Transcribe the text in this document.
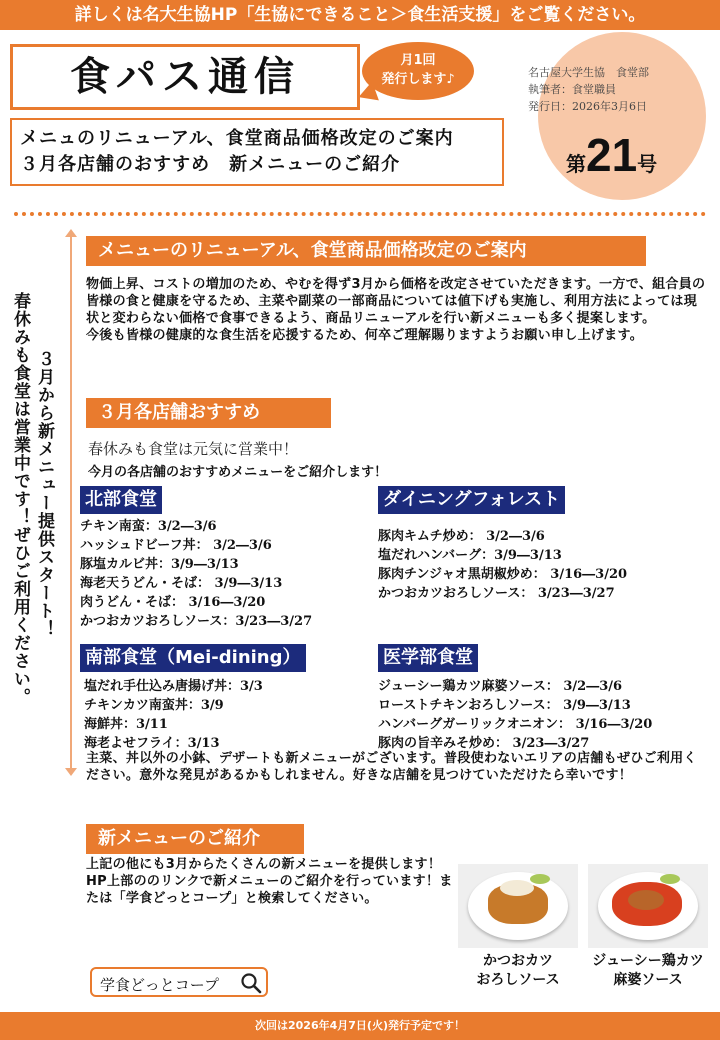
詳しくは名大生協HP「生協にできること＞食生活支援」をご覧ください。
食パス通信	月1回
発行します♪	名古屋大学生協　食堂部
執筆者：食堂職員
発行日：2026年3月6日
第21号
メニュのリニューアル、食堂商品価格改定のご案内
３月各店舗のおすすめ　新メニューのご紹介
３月から新メニュー提供スタート！
春休みも食堂は営業中です！ぜひご利用ください。
メニューのリニューアル、食堂商品価格改定のご案内
物価上昇、コストの増加のため、やむを得ず3月から価格を改定させていただきます。一方で、組合員の皆様の食と健康を守るため、主菜や副菜の一部商品については値下げも実施し、利用方法によっては現状と変わらない価格で食事できるよう、商品リニューアルを行い新メニューも多く提案します。
今後も皆様の健康的な食生活を応援するため、何卒ご理解賜りますようお願い申し上げます。
３月各店舗おすすめ
春休みも食堂は元気に営業中！
今月の各店舗のおすすめメニューをご紹介します！
北部食堂
チキン南蛮：3/2―3/6
ハッシュドビーフ丼： 3/2―3/6
豚塩カルビ丼：3/9―3/13
海老天うどん・そば： 3/9―3/13
肉うどん・そば： 3/16―3/20
かつおカツおろしソース：3/23―3/27
ダイニングフォレスト
豚肉キムチ炒め： 3/2―3/6
塩だれハンバーグ：3/9―3/13
豚肉チンジャオ黒胡椒炒め： 3/16―3/20
かつおカツおろしソース： 3/23―3/27
南部食堂（Mei-dining）
塩だれ手仕込み唐揚げ丼：3/3
チキンカツ南蛮丼：3/9
海鮮丼：3/11
海老よせフライ：3/13
医学部食堂
ジューシー鶏カツ麻婆ソース： 3/2―3/6
ローストチキンおろしソース： 3/9―3/13
ハンバーグガーリックオニオン： 3/16―3/20
豚肉の旨辛みそ炒め： 3/23―3/27
主菜、丼以外の小鉢、デザートも新メニューがございます。普段使わないエリアの店舗もぜひご利用ください。意外な発見があるかもしれません。好きな店舗を見つけていただけたら幸いです！
新メニューのご紹介
上記の他にも3月からたくさんの新メニューを提供します！HP上部ののリンクで新メニューのご紹介を行っています！または「学食どっとコープ」と検索してください。
学食どっとコープ
かつおカツ
おろしソース
ジューシー鶏カツ
麻婆ソース
次回は2026年4月7日(火)発行予定です！
